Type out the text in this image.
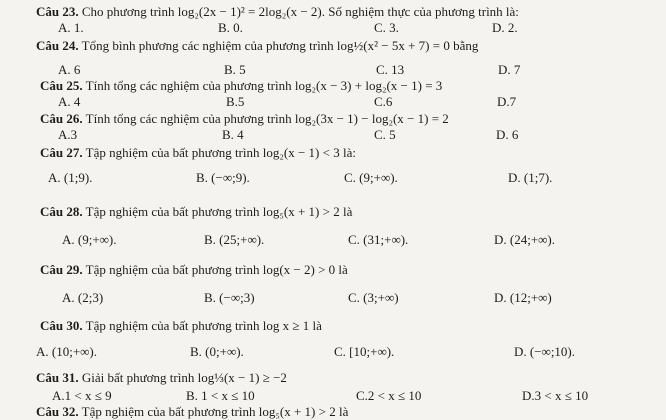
Câu 23. Cho phương trình log₂(2x − 1)² = 2log₂(x − 2). Số nghiệm thực của phương trình là:
A. 1.	B. 0.	C. 3.	D. 2.
Câu 24. Tổng bình phương các nghiệm của phương trình log½(x² − 5x + 7) = 0 bằng
A. 6	B. 5	C. 13	D. 7
Câu 25. Tính tổng các nghiệm của phương trình log₂(x − 3) + log₂(x − 1) = 3
A. 4	B.5	C.6	D.7
Câu 26. Tính tổng các nghiệm của phương trình log₂(3x − 1) − log₂(x − 1) = 2
A.3	B. 4	C. 5	D. 6
Câu 27. Tập nghiệm của bất phương trình log₂(x − 1) < 3 là:
A. (1;9).	B. (−∞;9).	C. (9;+∞).	D. (1;7).
Câu 28. Tập nghiệm của bất phương trình log₅(x + 1) > 2 là
A. (9;+∞).	B. (25;+∞).	C. (31;+∞).	D. (24;+∞).
Câu 29. Tập nghiệm của bất phương trình log(x − 2) > 0 là
A. (2;3)	B. (−∞;3)	C. (3;+∞)	D. (12;+∞)
Câu 30. Tập nghiệm của bất phương trình log x ≥ 1 là
A. (10;+∞).	B. (0;+∞).	C. [10;+∞).	D. (−∞;10).
Câu 31. Giải bất phương trình log⅓(x − 1) ≥ −2
A.1 < x ≤ 9	B. 1 < x ≤ 10	C.2 < x ≤ 10	D.3 < x ≤ 10
Câu 32. Tập nghiệm của bất phương trình log₅(x + 1) > 2 là
